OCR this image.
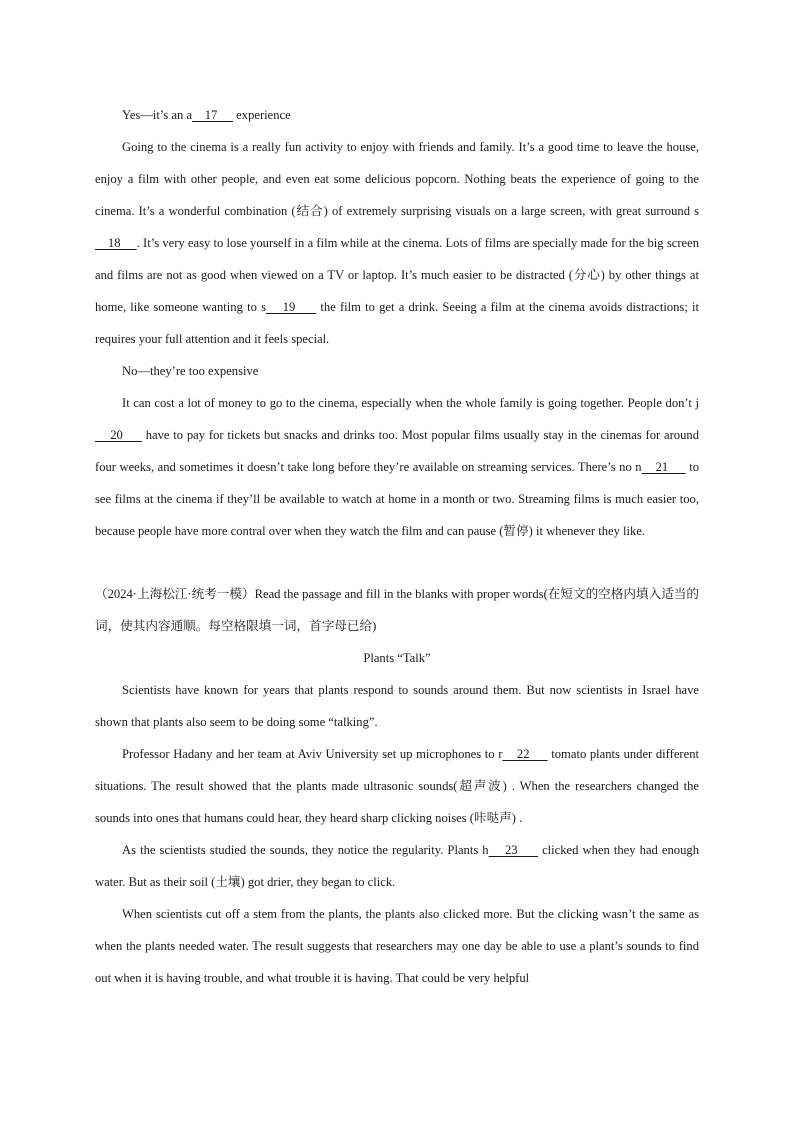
Yes—it’s an a    17      experience

Going to the cinema is a really fun activity to enjoy with friends and family. It’s a good time to leave the house, enjoy a film with other people, and even eat some delicious popcorn. Nothing beats the experience of going to the cinema. It’s a wonderful combination (结合) of extremely surprising visuals on a large screen, with great surround s    18     . It’s very easy to lose yourself in a film while at the cinema. Lots of films are specially made for the big screen and films are not as good when viewed on a TV or laptop. It’s much easier to be distracted (分心) by other things at home, like someone wanting to s    19      the film to get a drink. Seeing a film at the cinema avoids distractions; it requires your full attention and it feels special.

No—they’re too expensive

It can cost a lot of money to go to the cinema, especially when the whole family is going together. People don’t j    20      have to pay for tickets but snacks and drinks too. Most popular films usually stay in the cinemas for around four weeks, and sometimes it doesn’t take long before they’re available on streaming services. There’s no n    21      to see films at the cinema if they’ll be available to watch at home in a month or two. Streaming films is much easier too, because people have more contral over when they watch the film and can pause (暂停) it whenever they like.

（2024·上海松江·统考一模）Read the passage and fill in the blanks with proper words(在短文的空格内填入适当的词，使其内容通顺。每空格限填一词，首字母已给)

Plants “Talk”

Scientists have known for years that plants respond to sounds around them. But now scientists in Israel have shown that plants also seem to be doing some “talking”.

Professor Hadany and her team at Aviv University set up microphones to r    22      tomato plants under different situations. The result showed that the plants made ultrasonic sounds(超声波) . When the researchers changed the sounds into ones that humans could hear, they heard sharp clicking noises (咔哒声) .

As the scientists studied the sounds, they notice the regularity. Plants h    23      clicked when they had enough water. But as their soil (土壤) got drier, they began to click.

When scientists cut off a stem from the plants, the plants also clicked more. But the clicking wasn’t the same as when the plants needed water. The result suggests that researchers may one day be able to use a plant’s sounds to find out when it is having trouble, and what trouble it is having. That could be very helpful
